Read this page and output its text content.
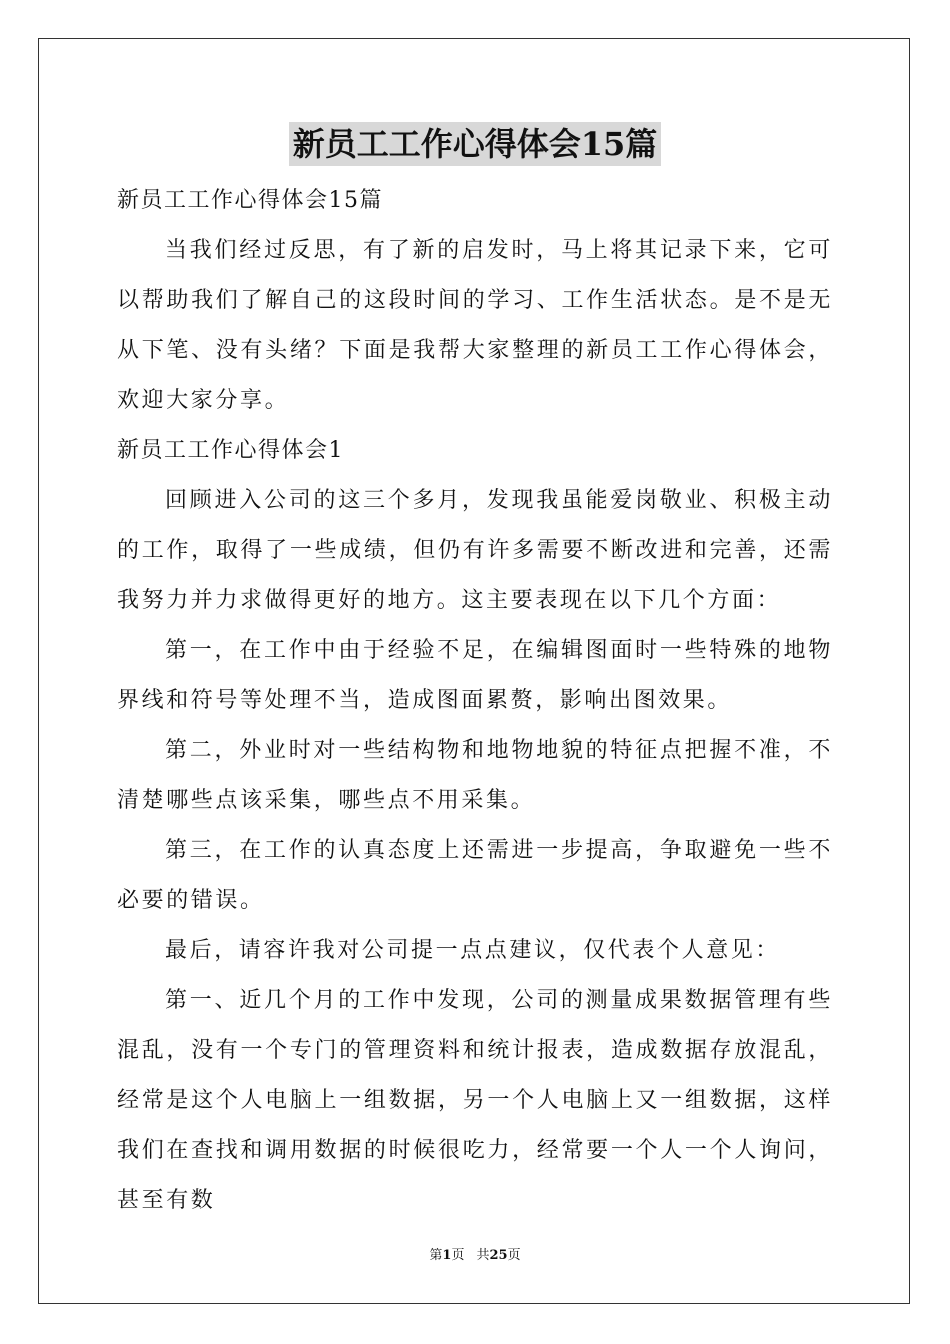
新员工工作心得体会15篇

新员工工作心得体会15篇

当我们经过反思，有了新的启发时，马上将其记录下来，它可以帮助我们了解自己的这段时间的学习、工作生活状态。是不是无从下笔、没有头绪？下面是我帮大家整理的新员工工作心得体会，欢迎大家分享。

新员工工作心得体会1

回顾进入公司的这三个多月，发现我虽能爱岗敬业、积极主动的工作，取得了一些成绩，但仍有许多需要不断改进和完善，还需我努力并力求做得更好的地方。这主要表现在以下几个方面：

第一，在工作中由于经验不足，在编辑图面时一些特殊的地物界线和符号等处理不当，造成图面累赘，影响出图效果。

第二，外业时对一些结构物和地物地貌的特征点把握不准，不清楚哪些点该采集，哪些点不用采集。

第三，在工作的认真态度上还需进一步提高，争取避免一些不必要的错误。

最后，请容许我对公司提一点点建议，仅代表个人意见：

第一、近几个月的工作中发现，公司的测量成果数据管理有些混乱，没有一个专门的管理资料和统计报表，造成数据存放混乱，经常是这个人电脑上一组数据，另一个人电脑上又一组数据，这样我们在查找和调用数据的时候很吃力，经常要一个人一个人询问，甚至有数

第1页 共25页
